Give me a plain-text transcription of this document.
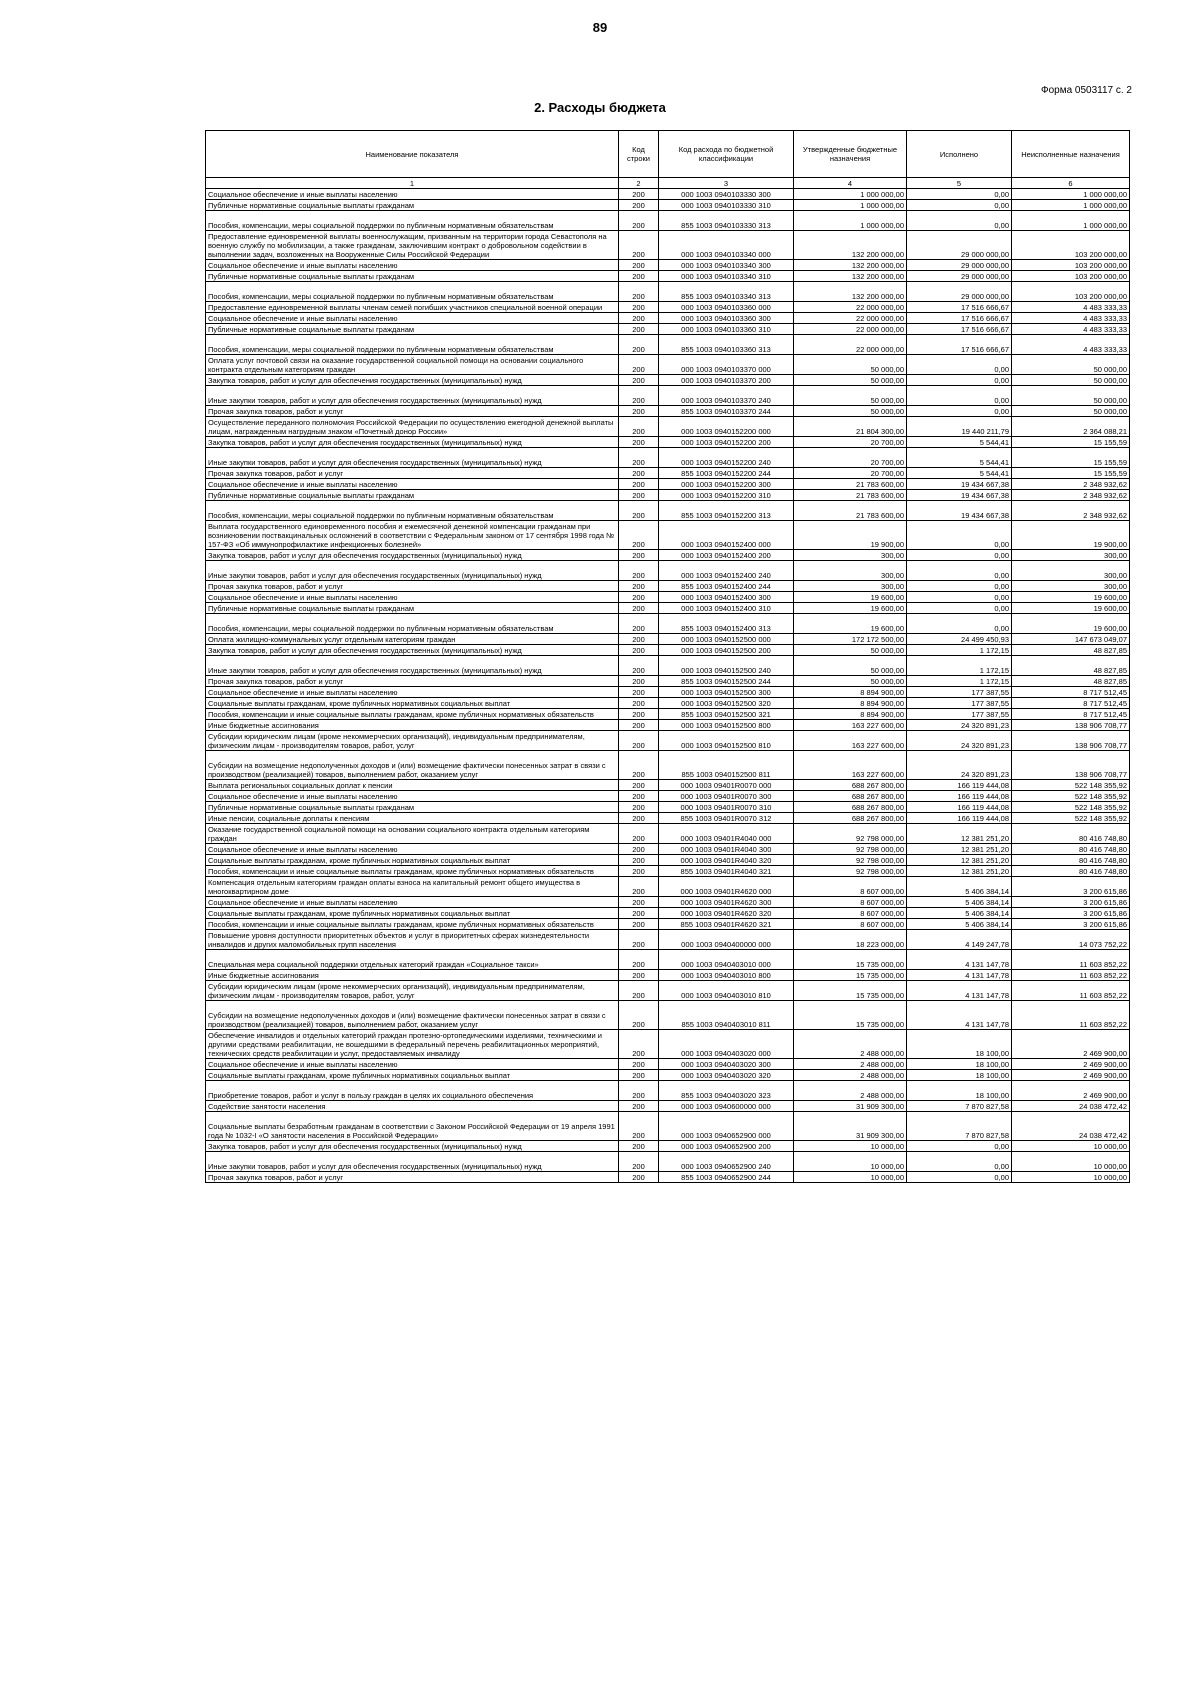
89
Форма 0503117 с. 2
2. Расходы бюджета
Наименование показателя	Код строки	Код расхода по бюджетной классификации	Утвержденные бюджетные назначения	Исполнено	Неисполненные назначения
1	2	3	4	5	6
Социальное обеспечение и иные выплаты населению	200	000 1003 0940103330 300	1 000 000,00	0,00	1 000 000,00
Публичные нормативные социальные выплаты гражданам	200	000 1003 0940103330 310	1 000 000,00	0,00	1 000 000,00
Пособия, компенсации, меры социальной поддержки по публичным нормативным обязательствам	200	855 1003 0940103330 313	1 000 000,00	0,00	1 000 000,00
Предоставление единовременной выплаты военнослужащим, призванным на территории города Севастополя на военную службу по мобилизации, а также гражданам, заключившим контракт о добровольном содействии в выполнении задач, возложенных на Вооруженные Силы Российской Федерации	200	000 1003 0940103340 000	132 200 000,00	29 000 000,00	103 200 000,00
Социальное обеспечение и иные выплаты населению	200	000 1003 0940103340 300	132 200 000,00	29 000 000,00	103 200 000,00
Публичные нормативные социальные выплаты гражданам	200	000 1003 0940103340 310	132 200 000,00	29 000 000,00	103 200 000,00
Пособия, компенсации, меры социальной поддержки по публичным нормативным обязательствам	200	855 1003 0940103340 313	132 200 000,00	29 000 000,00	103 200 000,00
Предоставление единовременной выплаты членам семей погибших участников специальной военной операции	200	000 1003 0940103360 000	22 000 000,00	17 516 666,67	4 483 333,33
Социальное обеспечение и иные выплаты населению	200	000 1003 0940103360 300	22 000 000,00	17 516 666,67	4 483 333,33
Публичные нормативные социальные выплаты гражданам	200	000 1003 0940103360 310	22 000 000,00	17 516 666,67	4 483 333,33
Пособия, компенсации, меры социальной поддержки по публичным нормативным обязательствам	200	855 1003 0940103360 313	22 000 000,00	17 516 666,67	4 483 333,33
Оплата услуг почтовой связи на оказание государственной социальной помощи на основании социального контракта отдельным категориям граждан	200	000 1003 0940103370 000	50 000,00	0,00	50 000,00
Закупка товаров, работ и услуг для обеспечения государственных (муниципальных) нужд	200	000 1003 0940103370 200	50 000,00	0,00	50 000,00
Иные закупки товаров, работ и услуг для обеспечения государственных (муниципальных) нужд	200	000 1003 0940103370 240	50 000,00	0,00	50 000,00
Прочая закупка товаров, работ и услуг	200	855 1003 0940103370 244	50 000,00	0,00	50 000,00
Осуществление переданного полномочия Российской Федерации по осуществлению ежегодной денежной выплаты лицам, награжденным нагрудным знаком «Почетный донор России»	200	000 1003 0940152200 000	21 804 300,00	19 440 211,79	2 364 088,21
Закупка товаров, работ и услуг для обеспечения государственных (муниципальных) нужд	200	000 1003 0940152200 200	20 700,00	5 544,41	15 155,59
Иные закупки товаров, работ и услуг для обеспечения государственных (муниципальных) нужд	200	000 1003 0940152200 240	20 700,00	5 544,41	15 155,59
Прочая закупка товаров, работ и услуг	200	855 1003 0940152200 244	20 700,00	5 544,41	15 155,59
Социальное обеспечение и иные выплаты населению	200	000 1003 0940152200 300	21 783 600,00	19 434 667,38	2 348 932,62
Публичные нормативные социальные выплаты гражданам	200	000 1003 0940152200 310	21 783 600,00	19 434 667,38	2 348 932,62
Пособия, компенсации, меры социальной поддержки по публичным нормативным обязательствам	200	855 1003 0940152200 313	21 783 600,00	19 434 667,38	2 348 932,62
Выплата государственного единовременного пособия и ежемесячной денежной компенсации гражданам при возникновении поствакцинальных осложнений в соответствии с Федеральным законом от 17 сентября 1998 года № 157-ФЗ «Об иммунопрофилактике инфекционных болезней»	200	000 1003 0940152400 000	19 900,00	0,00	19 900,00
Закупка товаров, работ и услуг для обеспечения государственных (муниципальных) нужд	200	000 1003 0940152400 200	300,00	0,00	300,00
Иные закупки товаров, работ и услуг для обеспечения государственных (муниципальных) нужд	200	000 1003 0940152400 240	300,00	0,00	300,00
Прочая закупка товаров, работ и услуг	200	855 1003 0940152400 244	300,00	0,00	300,00
Социальное обеспечение и иные выплаты населению	200	000 1003 0940152400 300	19 600,00	0,00	19 600,00
Публичные нормативные социальные выплаты гражданам	200	000 1003 0940152400 310	19 600,00	0,00	19 600,00
Пособия, компенсации, меры социальной поддержки по публичным нормативным обязательствам	200	855 1003 0940152400 313	19 600,00	0,00	19 600,00
Оплата жилищно-коммунальных услуг отдельным категориям граждан	200	000 1003 0940152500 000	172 172 500,00	24 499 450,93	147 673 049,07
Закупка товаров, работ и услуг для обеспечения государственных (муниципальных) нужд	200	000 1003 0940152500 200	50 000,00	1 172,15	48 827,85
Иные закупки товаров, работ и услуг для обеспечения государственных (муниципальных) нужд	200	000 1003 0940152500 240	50 000,00	1 172,15	48 827,85
Прочая закупка товаров, работ и услуг	200	855 1003 0940152500 244	50 000,00	1 172,15	48 827,85
Социальное обеспечение и иные выплаты населению	200	000 1003 0940152500 300	8 894 900,00	177 387,55	8 717 512,45
Социальные выплаты гражданам, кроме публичных нормативных социальных выплат	200	000 1003 0940152500 320	8 894 900,00	177 387,55	8 717 512,45
Пособия, компенсации и иные социальные выплаты гражданам, кроме публичных нормативных обязательств	200	855 1003 0940152500 321	8 894 900,00	177 387,55	8 717 512,45
Иные бюджетные ассигнования	200	000 1003 0940152500 800	163 227 600,00	24 320 891,23	138 906 708,77
Субсидии юридическим лицам (кроме некоммерческих организаций), индивидуальным предпринимателям, физическим лицам - производителям товаров, работ, услуг	200	000 1003 0940152500 810	163 227 600,00	24 320 891,23	138 906 708,77
Субсидии на возмещение недополученных доходов и (или) возмещение фактически понесенных затрат в связи с производством (реализацией) товаров, выполнением работ, оказанием услуг	200	855 1003 0940152500 811	163 227 600,00	24 320 891,23	138 906 708,77
Выплата региональных социальных доплат к пенсии	200	000 1003 09401R0070 000	688 267 800,00	166 119 444,08	522 148 355,92
Социальное обеспечение и иные выплаты населению	200	000 1003 09401R0070 300	688 267 800,00	166 119 444,08	522 148 355,92
Публичные нормативные социальные выплаты гражданам	200	000 1003 09401R0070 310	688 267 800,00	166 119 444,08	522 148 355,92
Иные пенсии, социальные доплаты к пенсиям	200	855 1003 09401R0070 312	688 267 800,00	166 119 444,08	522 148 355,92
Оказание государственной социальной помощи на основании социального контракта отдельным категориям граждан	200	000 1003 09401R4040 000	92 798 000,00	12 381 251,20	80 416 748,80
Социальное обеспечение и иные выплаты населению	200	000 1003 09401R4040 300	92 798 000,00	12 381 251,20	80 416 748,80
Социальные выплаты гражданам, кроме публичных нормативных социальных выплат	200	000 1003 09401R4040 320	92 798 000,00	12 381 251,20	80 416 748,80
Пособия, компенсации и иные социальные выплаты гражданам, кроме публичных нормативных обязательств	200	855 1003 09401R4040 321	92 798 000,00	12 381 251,20	80 416 748,80
Компенсация отдельным категориям граждан оплаты взноса на капитальный ремонт общего имущества в многоквартирном доме	200	000 1003 09401R4620 000	8 607 000,00	5 406 384,14	3 200 615,86
Социальное обеспечение и иные выплаты населению	200	000 1003 09401R4620 300	8 607 000,00	5 406 384,14	3 200 615,86
Социальные выплаты гражданам, кроме публичных нормативных социальных выплат	200	000 1003 09401R4620 320	8 607 000,00	5 406 384,14	3 200 615,86
Пособия, компенсации и иные социальные выплаты гражданам, кроме публичных нормативных обязательств	200	855 1003 09401R4620 321	8 607 000,00	5 406 384,14	3 200 615,86
Повышение уровня доступности приоритетных объектов и услуг в приоритетных сферах жизнедеятельности инвалидов и других маломобильных групп населения	200	000 1003 0940400000 000	18 223 000,00	4 149 247,78	14 073 752,22
Специальная мера социальной поддержки отдельных категорий граждан «Социальное такси»	200	000 1003 0940403010 000	15 735 000,00	4 131 147,78	11 603 852,22
Иные бюджетные ассигнования	200	000 1003 0940403010 800	15 735 000,00	4 131 147,78	11 603 852,22
Субсидии юридическим лицам (кроме некоммерческих организаций), индивидуальным предпринимателям, физическим лицам - производителям товаров, работ, услуг	200	000 1003 0940403010 810	15 735 000,00	4 131 147,78	11 603 852,22
Субсидии на возмещение недополученных доходов и (или) возмещение фактически понесенных затрат в связи с производством (реализацией) товаров, выполнением работ, оказанием услуг	200	855 1003 0940403010 811	15 735 000,00	4 131 147,78	11 603 852,22
Обеспечение инвалидов и отдельных категорий граждан протезно-ортопедическими изделиями, техническими и другими средствами реабилитации, не вошедшими в федеральный перечень реабилитационных мероприятий, технических средств реабилитации и услуг, предоставляемых инвалиду	200	000 1003 0940403020 000	2 488 000,00	18 100,00	2 469 900,00
Социальное обеспечение и иные выплаты населению	200	000 1003 0940403020 300	2 488 000,00	18 100,00	2 469 900,00
Социальные выплаты гражданам, кроме публичных нормативных социальных выплат	200	000 1003 0940403020 320	2 488 000,00	18 100,00	2 469 900,00
Приобретение товаров, работ и услуг в пользу граждан в целях их социального обеспечения	200	855 1003 0940403020 323	2 488 000,00	18 100,00	2 469 900,00
Содействие занятости населения	200	000 1003 0940600000 000	31 909 300,00	7 870 827,58	24 038 472,42
Социальные выплаты безработным гражданам в соответствии с Законом Российской Федерации от 19 апреля 1991 года № 1032-I «О занятости населения в Российской Федерации»	200	000 1003 0940652900 000	31 909 300,00	7 870 827,58	24 038 472,42
Закупка товаров, работ и услуг для обеспечения государственных (муниципальных) нужд	200	000 1003 0940652900 200	10 000,00	0,00	10 000,00
Иные закупки товаров, работ и услуг для обеспечения государственных (муниципальных) нужд	200	000 1003 0940652900 240	10 000,00	0,00	10 000,00
Прочая закупка товаров, работ и услуг	200	855 1003 0940652900 244	10 000,00	0,00	10 000,00
